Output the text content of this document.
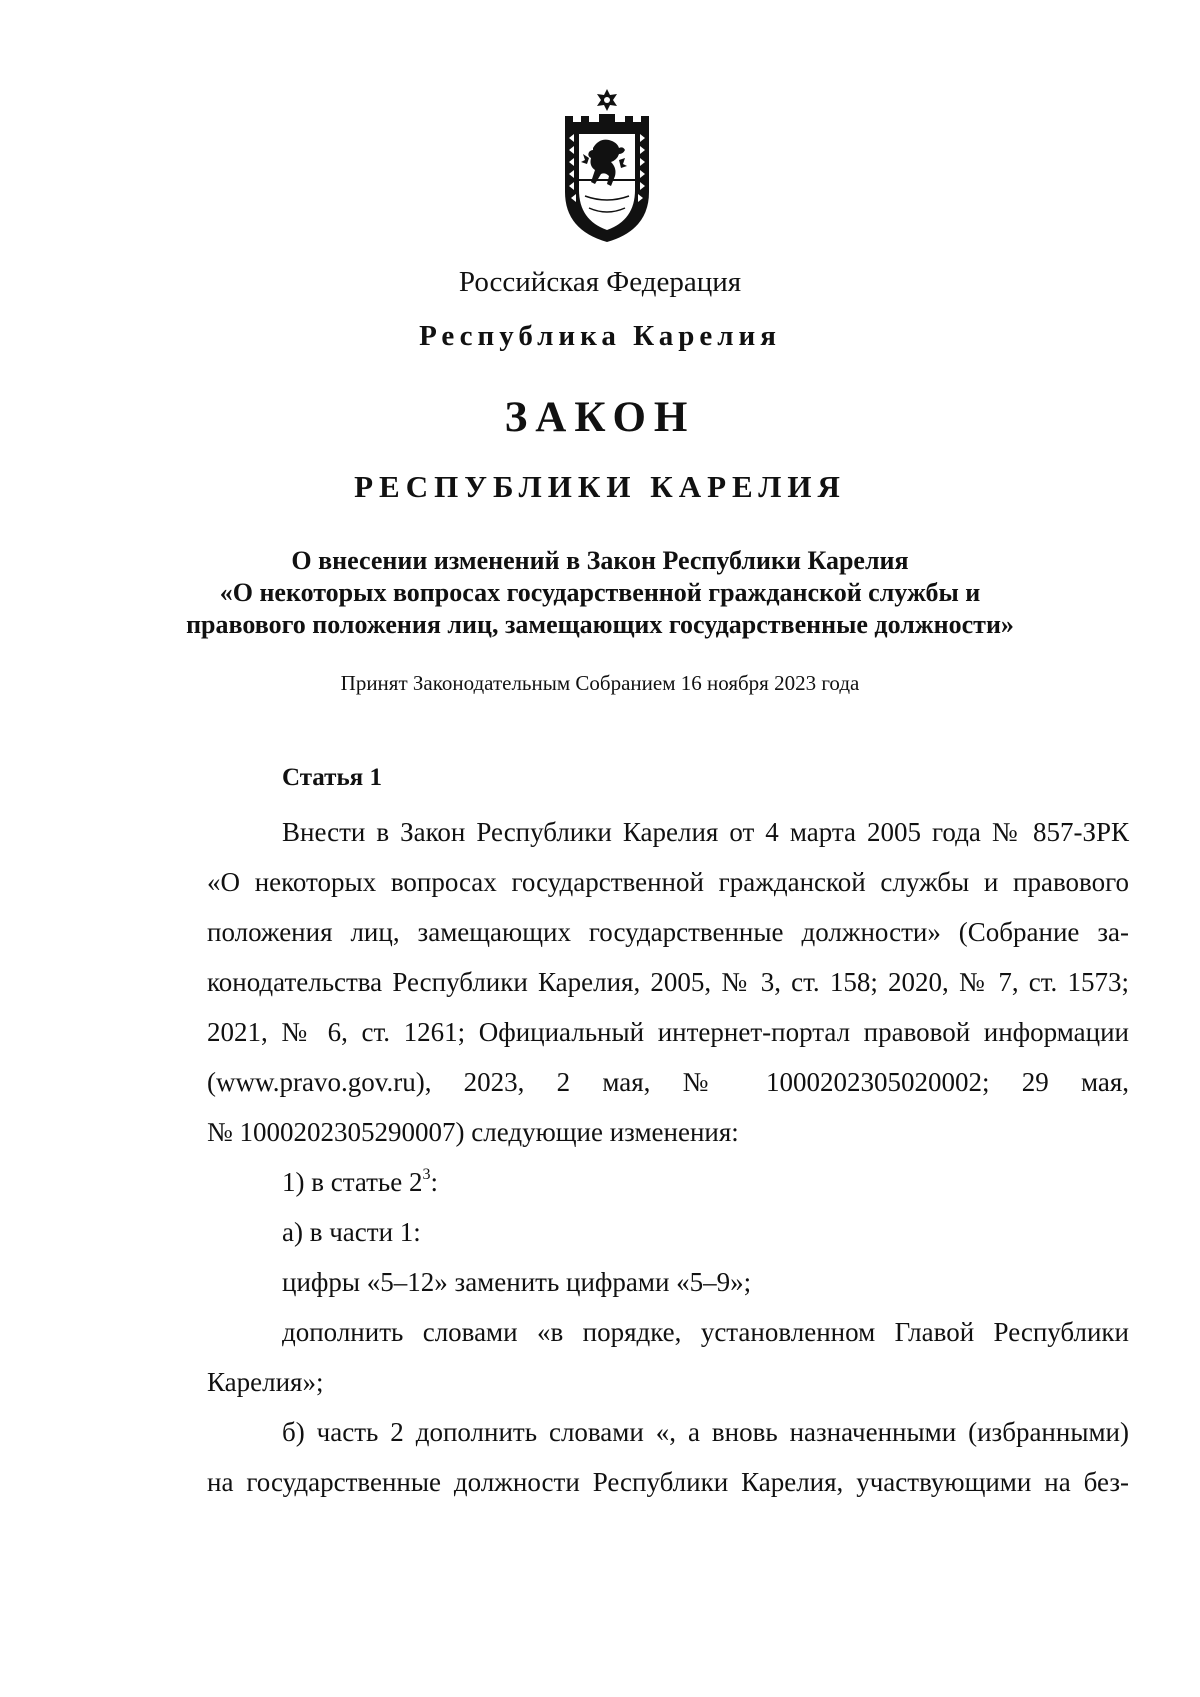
Российская Федерация
Республика Карелия
ЗАКОН
РЕСПУБЛИКИ КАРЕЛИЯ
О внесении изменений в Закон Республики Карелия
«О некоторых вопросах государственной гражданской службы и
правового положения лиц, замещающих государственные должности»
Принят Законодательным Собранием 16 ноября 2023 года
Статья 1
Внести в Закон Республики Карелия от 4 марта 2005 года № 857-ЗРК
«О некоторых вопросах государственной гражданской службы и правового
положения лиц, замещающих государственные должности» (Собрание за-
конодательства Республики Карелия, 2005, № 3, ст. 158; 2020, № 7, ст. 1573;
2021, № 6, ст. 1261; Официальный интернет-портал правовой информации
(www.pravo.gov.ru), 2023, 2 мая, № 1000202305020002; 29 мая,
№ 1000202305290007) следующие изменения:
1) в статье $2^3$:
а) в части 1:
цифры «5–12» заменить цифрами «5–9»;
дополнить словами «в порядке, установленном Главой Республики
Карелия»;
б) часть 2 дополнить словами «, а вновь назначенными (избранными)
на государственные должности Республики Карелия, участвующими на без-
